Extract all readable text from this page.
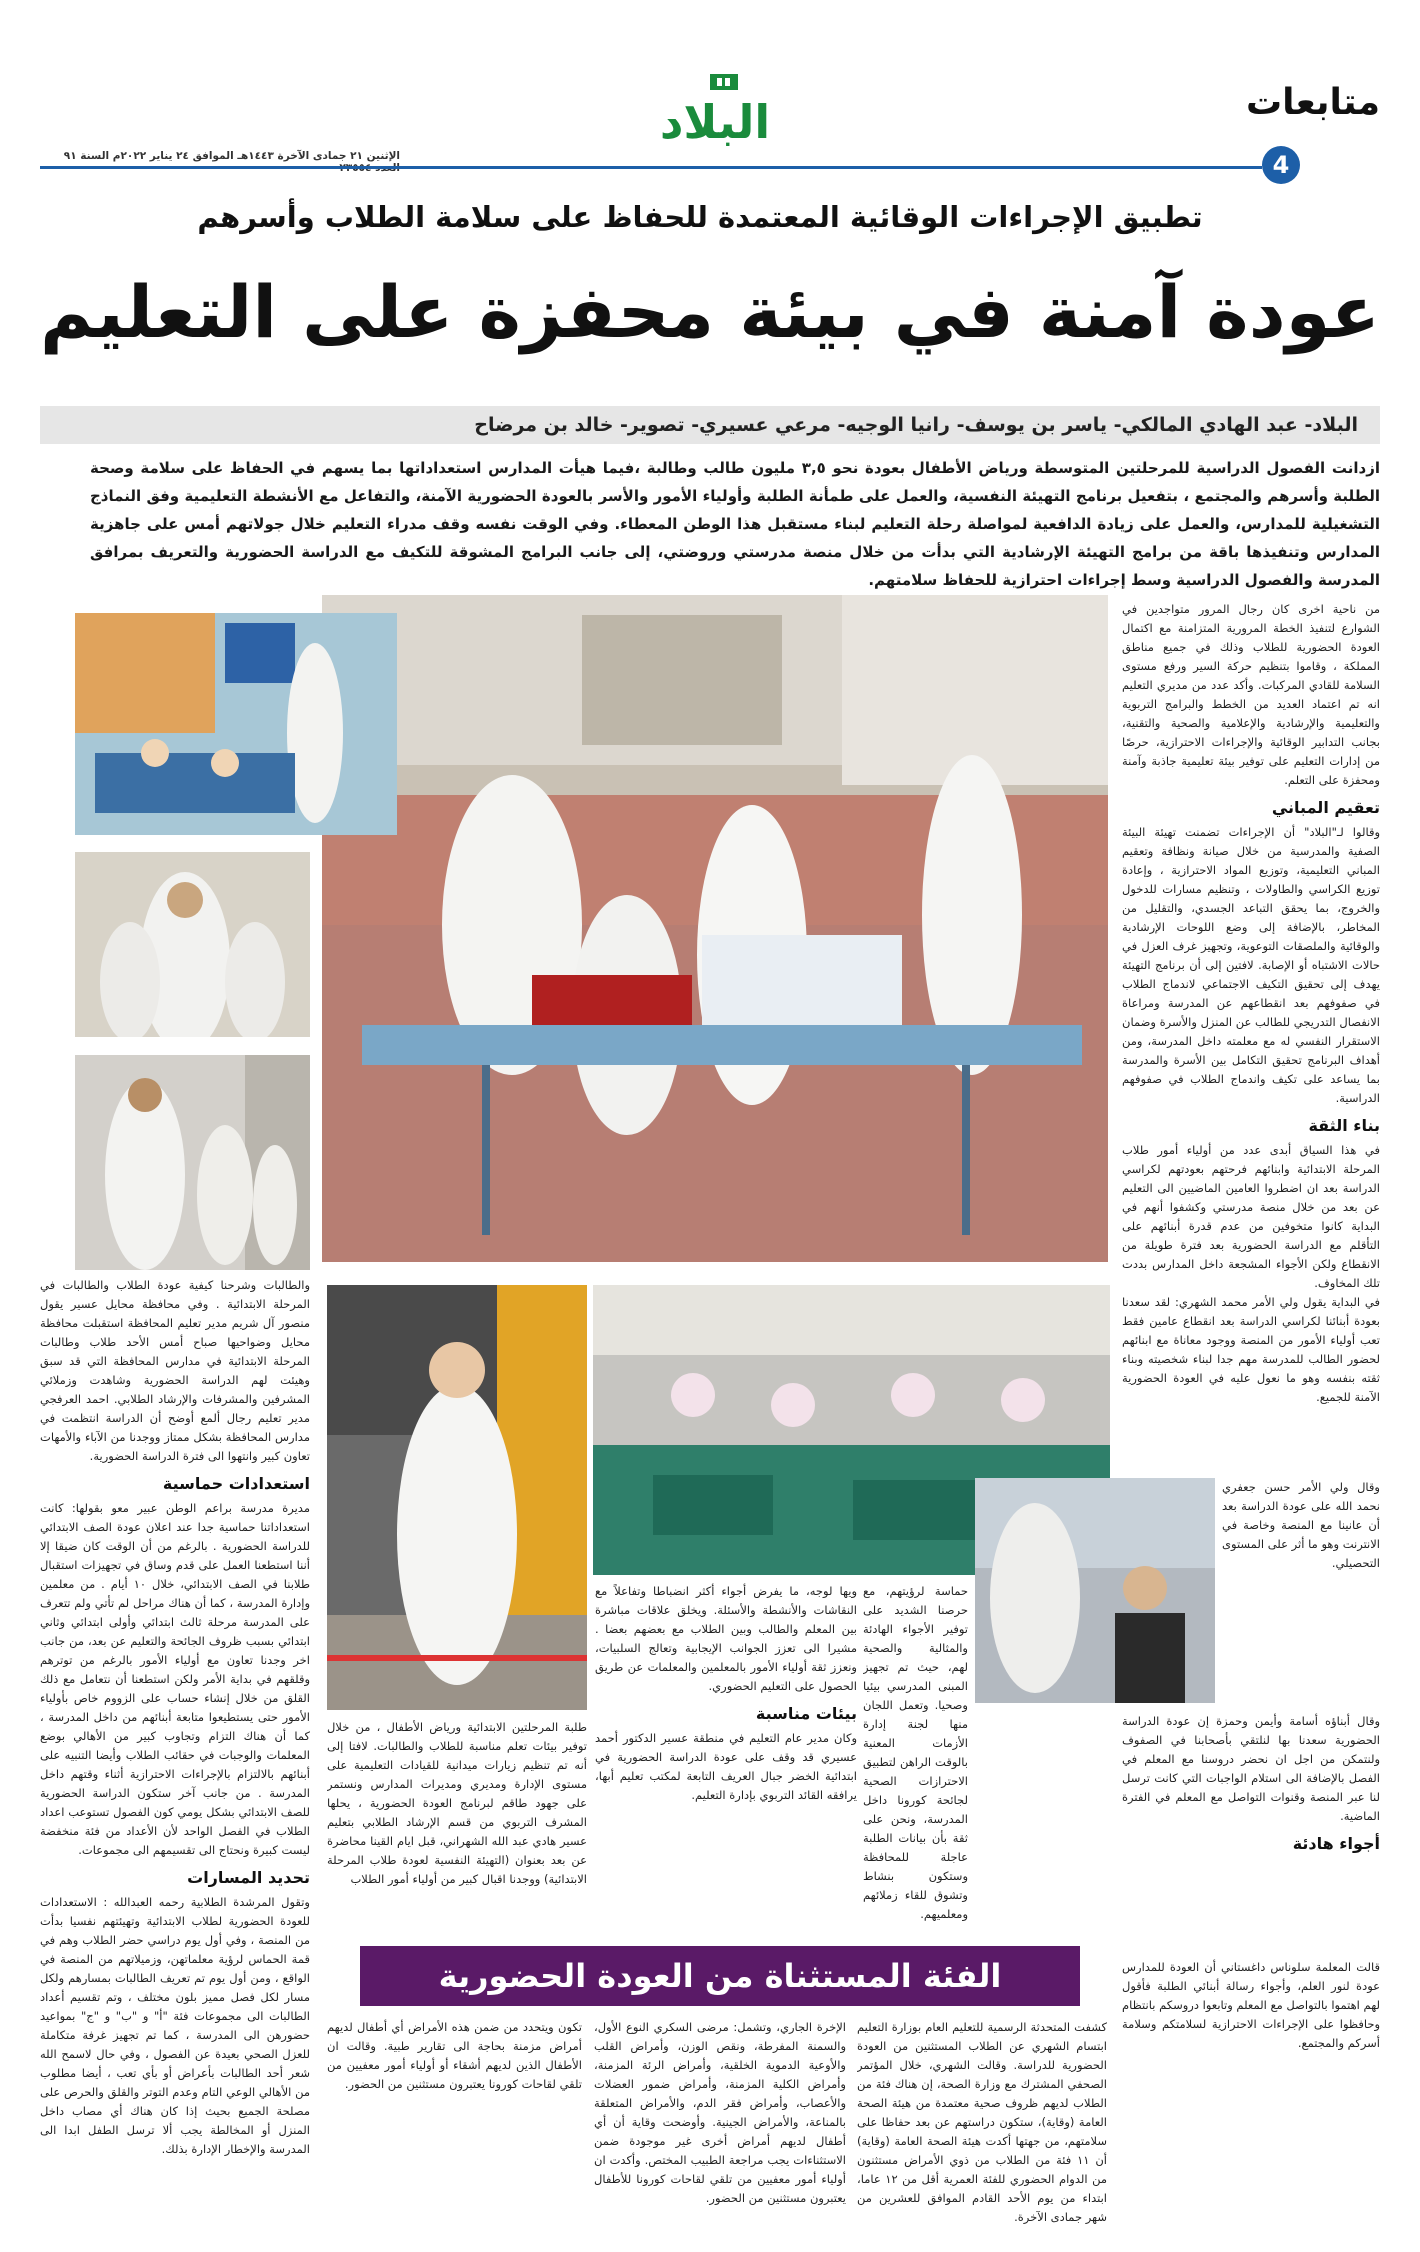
البلاد
الإثنين ٢١ جمادى الآخرة ١٤٤٣هـ الموافق ٢٤ يناير ٢٠٢٢م السنة ٩١
متابعات
4
تطبيق الإجراءات الوقائية المعتمدة للحفاظ على سلامة الطلاب وأسرهم
عودة آمنة في بيئة محفزة على التعليم
البلاد- عبد الهادي المالكي- ياسر بن يوسف- رانيا الوجيه- مرعي عسيري- تصوير- خالد بن مرضاح
ازدانت الفصول الدراسية للمرحلتين المتوسطة ورياض الأطفال بعودة نحو ٣,٥ مليون طالب وطالبة ،فيما هيأت المدارس استعداداتها بما يسهم في الحفاظ على سلامة وصحة الطلبة وأسرهم والمجتمع ، بتفعيل برنامج التهيئة النفسية، والعمل على طمأنة الطلبة وأولياء الأمور والأسر بالعودة الحضورية الآمنة، والتفاعل مع الأنشطة التعليمية وفق النماذج التشغيلية للمدارس، والعمل على زيادة الدافعية لمواصلة رحلة التعليم لبناء مستقبل هذا الوطن المعطاء. وفي الوقت نفسه وقف مدراء التعليم خلال جولاتهم أمس على جاهزية المدارس وتنفيذها باقة من برامج التهيئة الإرشادية التي بدأت من خلال منصة مدرستي وروضتي، إلى جانب البرامج المشوقة للتكيف مع الدراسة الحضورية والتعريف بمرافق المدرسة والفصول الدراسية وسط إجراءات احترازية للحفاظ سلامتهم.

من ناحية اخرى كان رجال المرور متواجدين في الشوارع لتنفيذ الخطة المرورية المتزامنة مع اكتمال العودة الحضورية للطلاب وذلك في جميع مناطق المملكة ، وقاموا بتنظيم حركة السير ورفع مستوى السلامة للقادي المركبات. وأكد عدد من مديري التعليم انه تم اعتماد العديد من الخطط والبرامج التربوية والتعليمية والإرشادية والإعلامية والصحية والتقنية، بجانب التدابير الوقائية والإجراءات الاحترازية، حرصًا من إدارات التعليم على توفير بيئة تعليمية جاذبة وآمنة ومحفزة على التعلم.

تعقيم المباني

وقالوا لـ"البلاد" أن الإجراءات تضمنت تهيئة البيئة الصفية والمدرسية من خلال صيانة ونظافة وتعقيم المباني التعليمية، وتوزيع المواد الاحترازية ، وإعادة توزيع الكراسي والطاولات ، وتنظيم مسارات للدخول والخروج، بما يحقق التباعد الجسدي، والتقليل من المخاطر، بالإضافة إلى وضع اللوحات الإرشادية والوقائية والملصقات التوعوية، وتجهيز غرف العزل في حالات الاشتباه أو الإصابة. لافتين إلى أن برنامج التهيئة يهدف إلى تحقيق التكيف الاجتماعي لاندماج الطلاب في صفوفهم بعد انقطاعهم عن المدرسة ومراعاة الانفصال التدريجي للطالب عن المنزل والأسرة وضمان الاستقرار النفسي له مع معلمته داخل المدرسة، ومن أهداف البرنامج تحقيق التكامل بين الأسرة والمدرسة بما يساعد على تكيف واندماج الطلاب في صفوفهم الدراسية.

بناء الثقة

في هذا السياق أبدى عدد من أولياء أمور طلاب المرحلة الابتدائية وابنائهم فرحتهم بعودتهم لكراسي الدراسة بعد ان اضطروا العامين الماضيين الى التعليم عن بعد من خلال منصة مدرستي وكشفوا أنهم في البداية كانوا متخوفين من عدم قدرة أبنائهم على التأقلم مع الدراسة الحضورية بعد فترة طويلة من الانقطاع ولكن الأجواء المشجعة داخل المدارس بددت تلك المخاوف.

في البداية يقول ولي الأمر محمد الشهري: لقد سعدنا بعودة أبنائنا لكراسي الدراسة بعد انقطاع عامين فقط تعب أولياء الأمور من المنصة ووجود معاناة مع ابنائهم لحضور الطالب للمدرسة مهم جدا لبناء شخصيته وبناء ثقته بنفسه وهو ما نعول عليه في العودة الحضورية الآمنة للجميع.

وقال ولي الأمر حسن جعفري نحمد الله على عودة الدراسة بعد أن عانينا مع المنصة وخاصة في الانترنت وهو ما أثر على المستوى التحصيلي.

وقال أبناؤه أسامة وأيمن وحمزة إن عودة الدراسة الحضورية سعدنا بها لنلتقي بأصحابنا في الصفوف ولنتمكن من اجل ان نحضر دروسنا مع المعلم في الفصل بالإضافة الى استلام الواجبات التي كانت ترسل لنا عبر المنصة وقنوات التواصل مع المعلم في الفترة الماضية.

أجواء هادئة

والطالبات وشرحنا كيفية عودة الطلاب والطالبات في المرحلة الابتدائية . وفي محافظة محايل عسير يقول منصور آل شريم مدير تعليم المحافظة استقبلت محافظة محايل وضواحيها صباح أمس الأحد طلاب وطالبات المرحلة الابتدائية في مدارس المحافظة التي قد سبق وهيئت لهم الدراسة الحضورية وشاهدت وزملائي المشرفين والمشرفات والإرشاد الطلابي. احمد العرفجي مدير تعليم رجال ألمع أوضح أن الدراسة انتظمت في مدارس المحافظة بشكل ممتاز ووجدنا من الآباء والأمهات تعاون كبير وانتهوا الى فترة الدراسة الحضورية.

استعدادات حماسية

مديرة مدرسة براعم الوطن عبير معو بقولها: كانت استعداداتنا حماسية جدا عند اعلان عودة الصف الابتدائي للدراسة الحضورية . بالرغم من أن الوقت كان ضيقا إلا أننا استطعنا العمل على قدم وساق في تجهيزات استقبال طلابنا في الصف الابتدائي، خلال ١٠ أيام . من معلمين وإدارة المدرسة ، كما أن هناك مراحل لم تأتي ولم تتعرف على المدرسة مرحلة ثالث ابتدائي وأولى ابتدائي وثاني ابتدائي بسبب ظروف الجائحة والتعليم عن بعد، من جانب اخر وجدنا تعاون مع أولياء الأمور بالرغم من توترهم وقلقهم في بداية الأمر ولكن استطعنا أن نتعامل مع ذلك القلق من خلال إنشاء حساب على الزووم خاص بأولياء الأمور حتى يستطيعوا متابعة أبنائهم من داخل المدرسة ، كما أن هناك التزام وتجاوب كبير من الأهالي بوضع المعلمات والوجبات في حقائب الطلاب وأيضا التنبيه على أبنائهم بالالتزام بالإجراءات الاحترازية أثناء وقتهم داخل المدرسة . من جانب آخر ستكون الدراسة الحضورية للصف الابتدائي بشكل يومي كون الفصول تستوعب اعداد الطلاب في الفصل الواحد لأن الأعداد من فئة منخفضة ليست كبيرة ونحتاج الى تقسيمهم الى مجموعات.

تحديد المسارات

وتقول المرشدة الطلابية رحمه العبدالله : الاستعدادات للعودة الحضورية لطلاب الابتدائية وتهيئتهم نفسيا بدأت من المنصة ، وفي أول يوم دراسي حضر الطلاب وهم في قمة الحماس لرؤية معلماتهن، وزميلاتهم من المنصة في الواقع ، ومن أول يوم تم تعريف الطالبات بمسارهم ولكل مسار لكل فصل مميز بلون مختلف ، وتم تقسيم أعداد الطالبات الى مجموعات فئة "أ" و "ب" و "ج" بمواعيد حضورهن الى المدرسة ، كما تم تجهيز غرفة متكاملة للعزل الصحي بعيدة عن الفصول ، وفي حال لاسمح الله شعر أحد الطالبات بأعراض أو بأي تعب ، أيضا مطلوب من الأهالي الوعي التام وعدم التوتر والقلق والحرص على مصلحة الجميع بحيث إذا كان هناك أي مصاب داخل المنزل أو المخالطة يجب ألا ترسل الطفل ابدا الى المدرسة والإخطار الإدارة بذلك.

حماسة لرؤيتهم، مع حرصنا الشديد على توفير الأجواء الهادئة والمثالية والصحية لهم، حيث تم تجهيز المبنى المدرسي بيئيا وصحيا. وتعمل اللجان منها لجنة إدارة الأزمات المعنية بالوقت الراهن لتطبيق الاحترازات الصحية لجائحة كورونا داخل المدرسة، ونحن على ثقة بأن بيانات الطلبة عاجلة للمحافظة وستكون بنشاط وتشوق للقاء زملائهم ومعلميهم.

ويها لوجه، ما يفرض أجواء أكثر انضباطا وتفاعلاً مع النقاشات والأنشطة والأسئلة. ويخلق علاقات مباشرة بين المعلم والطالب وبين الطلاب مع بعضهم بعضا . مشيرا الى تعزز الجوانب الإيجابية وتعالج السلبيات، ونعزز ثقة أولياء الأمور بالمعلمين والمعلمات عن طريق الحصول على التعليم الحضوري.

بيئات مناسبة

وكان مدير عام التعليم في منطقة عسير الدكتور أحمد عسيري قد وقف على عودة الدراسة الحضورية في ابتدائية الخضر جبال العريف التابعة لمكتب تعليم أبها، يرافقه القائد التربوي بإدارة التعليم.

طلبة المرحلتين الابتدائية ورياض الأطفال ، من خلال توفير بيئات تعلم مناسبة للطلاب والطالبات. لافتا إلى أنه تم تنظيم زيارات ميدانية للقيادات التعليمية على مستوى الإدارة ومديري ومديرات المدارس ونستمر على جهود طاقم لبرنامج العودة الحضورية ، يحلها المشرف التربوي من قسم الإرشاد الطلابي بتعليم عسير هادي عبد الله الشهراني، قبل ايام القينا محاضرة عن بعد بعنوان (التهيئة النفسية لعودة طلاب المرحلة الابتدائية) ووجدنا اقبال كبير من أولياء أمور الطلاب

الفئة المستثناة من العودة الحضورية

كشفت المتحدثة الرسمية للتعليم العام بوزارة التعليم ابتسام الشهري عن الطلاب المستثنين من العودة الحضورية للدراسة. وقالت الشهري، خلال المؤتمر الصحفي المشترك مع وزارة الصحة، إن هناك فئة من الطلاب لديهم ظروف صحية معتمدة من هيئة الصحة العامة (وقاية)، ستكون دراستهم عن بعد حفاظا على سلامتهم، من جهتها أكدت هيئة الصحة العامة (وقاية) أن ١١ فئة من الطلاب من ذوي الأمراض مستثنون من الدوام الحضوري للفئة العمرية أقل من ١٢ عاما، ابتداء من يوم الأحد القادم الموافق للعشرين من شهر جمادى الآخرة.

الإخرة الجاري، وتشمل: مرضى السكري النوع الأول، والسمنة المفرطة، ونقص الوزن، وأمراض القلب والأوعية الدموية الخلقية، وأمراض الرئة المزمنة، وأمراض الكلية المزمنة، وأمراض ضمور العضلات والأعصاب، وأمراض فقر الدم، والأمراض المتعلقة بالمناعة، والأمراض الجينية. وأوضحت وقاية أن أي أطفال لديهم أمراض أخرى غير موجودة ضمن الاستثناءات يجب مراجعة الطبيب المختص. وأكدت ان أولياء أمور معفيين من تلقي لقاحات كورونا للأطفال يعتبرون مستثنين من الحضور.

تكون ويتحدد من ضمن هذه الأمراض أي أطفال لديهم أمراض مزمنة بحاجة الى تقارير طبية. وقالت ان الأطفال الذين لديهم أشقاء أو أولياء أمور معفيين من تلقي لقاحات كورونا يعتبرون مستثنين من الحضور.

قالت المعلمة سلوناس داغستاني أن العودة للمدارس عودة لنور العلم، وأجواء رسالة أبنائي الطلبة فأقول لهم اهتموا بالتواصل مع المعلم وتابعوا دروسكم بانتظام وحافظوا على الإجراءات الاحترازية لسلامتكم وسلامة أسركم والمجتمع.
